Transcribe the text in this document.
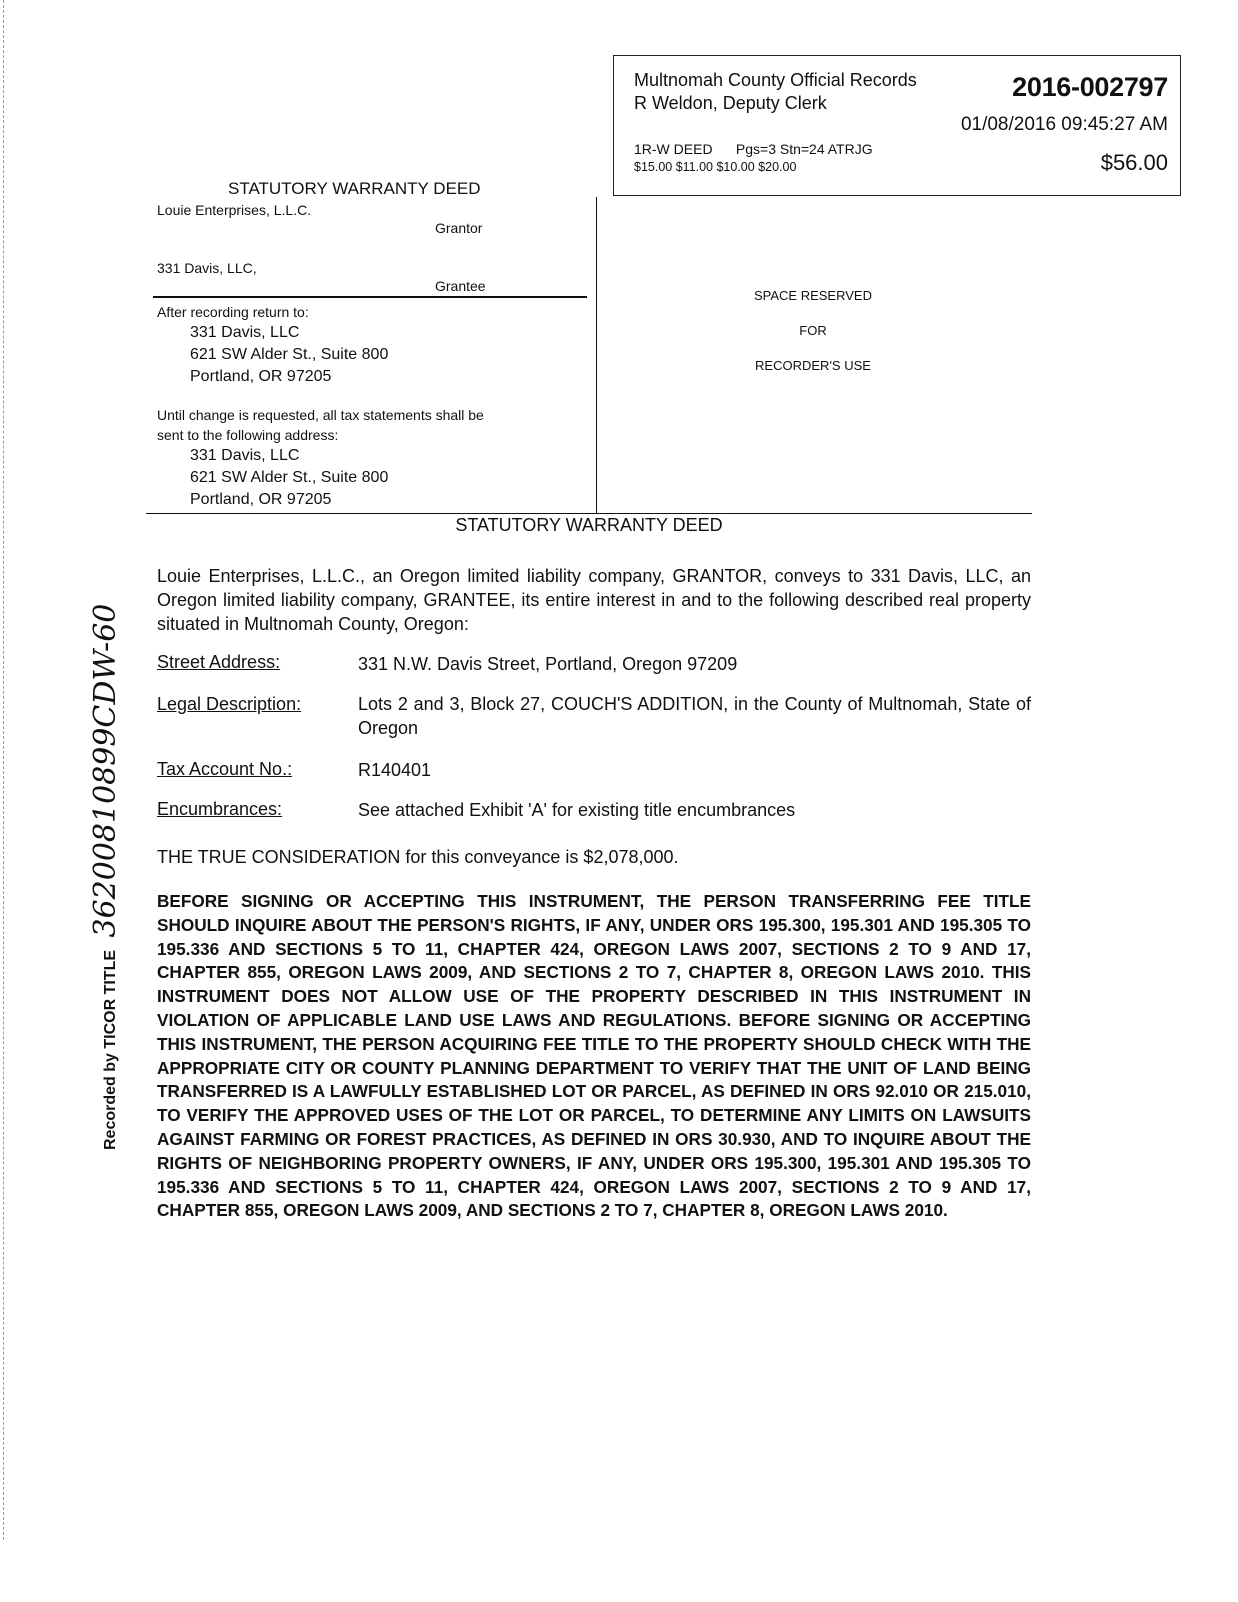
Multnomah County Official Records
R Weldon, Deputy Clerk
2016-002797
01/08/2016 09:45:27 AM
1R-W DEED      Pgs=3 Stn=24 ATRJG
$15.00 $11.00 $10.00 $20.00	$56.00
STATUTORY WARRANTY DEED
Louie Enterprises, L.L.C.
Grantor
331 Davis, LLC,
Grantee
After recording return to:
331 Davis, LLC
621 SW Alder St., Suite 800
Portland, OR 97205
Until change is requested, all tax statements shall be
sent to the following address:
331 Davis, LLC
621 SW Alder St., Suite 800
Portland, OR 97205
SPACE RESERVED
FOR
RECORDER'S USE
STATUTORY WARRANTY DEED
Louie Enterprises, L.L.C., an Oregon limited liability company, GRANTOR, conveys to 331 Davis, LLC, an Oregon limited liability company, GRANTEE, its entire interest in and to the following described real property situated in Multnomah County, Oregon:
Street Address:	331 N.W. Davis Street, Portland, Oregon 97209
Legal Description:	Lots 2 and 3, Block 27, COUCH'S ADDITION, in the County of Multnomah, State of Oregon
Tax Account No.:	R140401
Encumbrances:	See attached Exhibit 'A' for existing title encumbrances
THE TRUE CONSIDERATION for this conveyance is $2,078,000.
BEFORE SIGNING OR ACCEPTING THIS INSTRUMENT, THE PERSON TRANSFERRING FEE TITLE SHOULD INQUIRE ABOUT THE PERSON'S RIGHTS, IF ANY, UNDER ORS 195.300, 195.301 AND 195.305 TO 195.336 AND SECTIONS 5 TO 11, CHAPTER 424, OREGON LAWS 2007, SECTIONS 2 TO 9 AND 17, CHAPTER 855, OREGON LAWS 2009, AND SECTIONS 2 TO 7, CHAPTER 8, OREGON LAWS 2010. THIS INSTRUMENT DOES NOT ALLOW USE OF THE PROPERTY DESCRIBED IN THIS INSTRUMENT IN VIOLATION OF APPLICABLE LAND USE LAWS AND REGULATIONS. BEFORE SIGNING OR ACCEPTING THIS INSTRUMENT, THE PERSON ACQUIRING FEE TITLE TO THE PROPERTY SHOULD CHECK WITH THE APPROPRIATE CITY OR COUNTY PLANNING DEPARTMENT TO VERIFY THAT THE UNIT OF LAND BEING TRANSFERRED IS A LAWFULLY ESTABLISHED LOT OR PARCEL, AS DEFINED IN ORS 92.010 OR 215.010, TO VERIFY THE APPROVED USES OF THE LOT OR PARCEL, TO DETERMINE ANY LIMITS ON LAWSUITS AGAINST FARMING OR FOREST PRACTICES, AS DEFINED IN ORS 30.930, AND TO INQUIRE ABOUT THE RIGHTS OF NEIGHBORING PROPERTY OWNERS, IF ANY, UNDER ORS 195.300, 195.301 AND 195.305 TO 195.336 AND SECTIONS 5 TO 11, CHAPTER 424, OREGON LAWS 2007, SECTIONS 2 TO 9 AND 17, CHAPTER 855, OREGON LAWS 2009, AND SECTIONS 2 TO 7, CHAPTER 8, OREGON LAWS 2010.
Recorded by TICOR TITLE 36200810899CDW-60
